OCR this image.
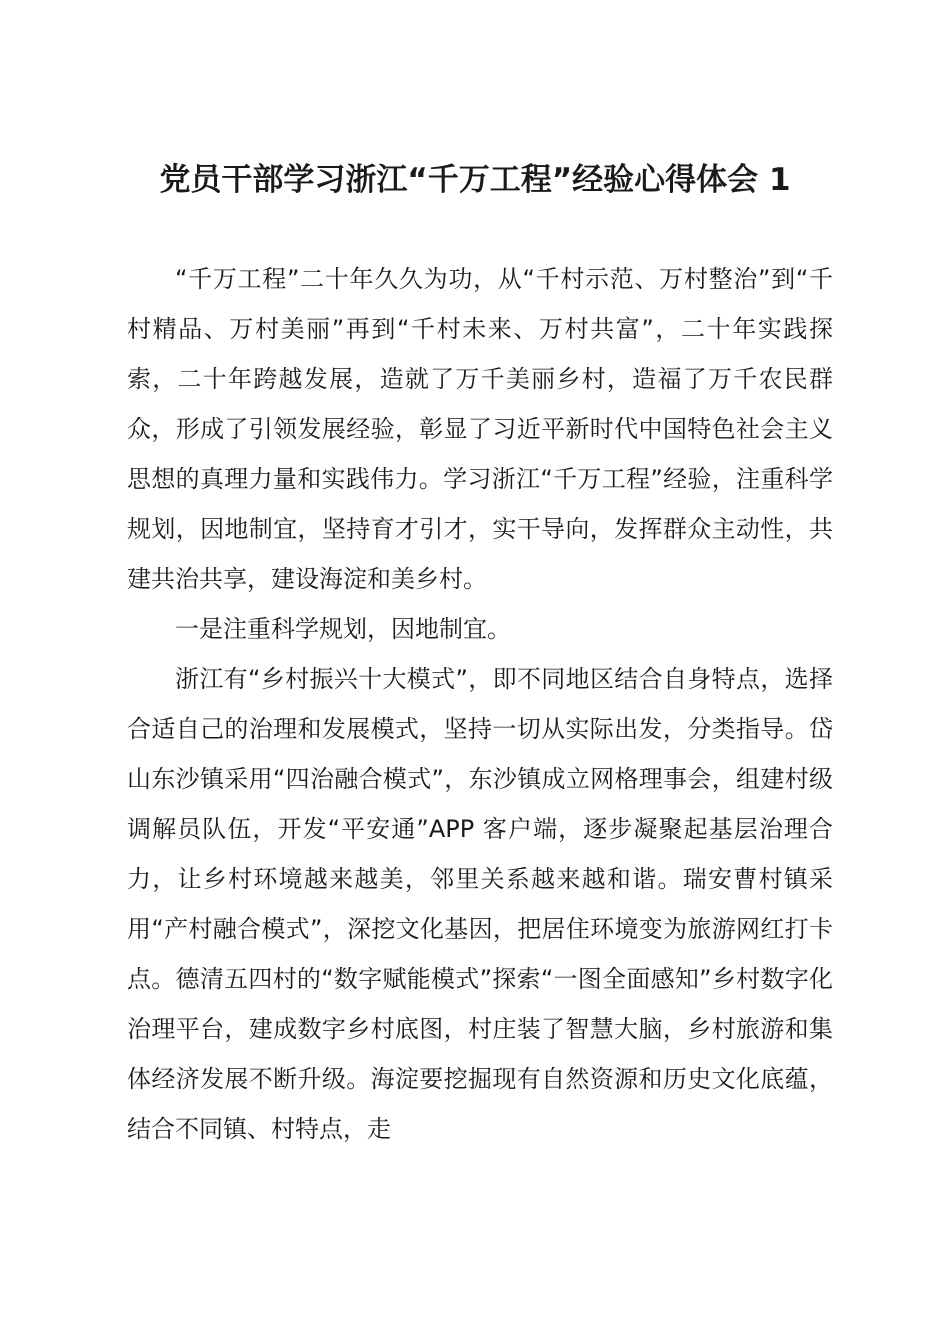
党员干部学习浙江“千万工程”经验心得体会 1

“千万工程”二十年久久为功，从“千村示范、万村整治”到“千村精品、万村美丽”再到“千村未来、万村共富”，二十年实践探索，二十年跨越发展，造就了万千美丽乡村，造福了万千农民群众，形成了引领发展经验，彰显了习近平新时代中国特色社会主义思想的真理力量和实践伟力。学习浙江“千万工程”经验，注重科学规划，因地制宜，坚持育才引才，实干导向，发挥群众主动性，共建共治共享，建设海淀和美乡村。

一是注重科学规划，因地制宜。

浙江有“乡村振兴十大模式”，即不同地区结合自身特点，选择合适自己的治理和发展模式，坚持一切从实际出发，分类指导。岱山东沙镇采用“四治融合模式”，东沙镇成立网格理事会，组建村级调解员队伍，开发“平安通”APP 客户端，逐步凝聚起基层治理合力，让乡村环境越来越美，邻里关系越来越和谐。瑞安曹村镇采用“产村融合模式”，深挖文化基因，把居住环境变为旅游网红打卡点。德清五四村的“数字赋能模式”探索“一图全面感知”乡村数字化治理平台，建成数字乡村底图，村庄装了智慧大脑，乡村旅游和集体经济发展不断升级。海淀要挖掘现有自然资源和历史文化底蕴，结合不同镇、村特点，走
